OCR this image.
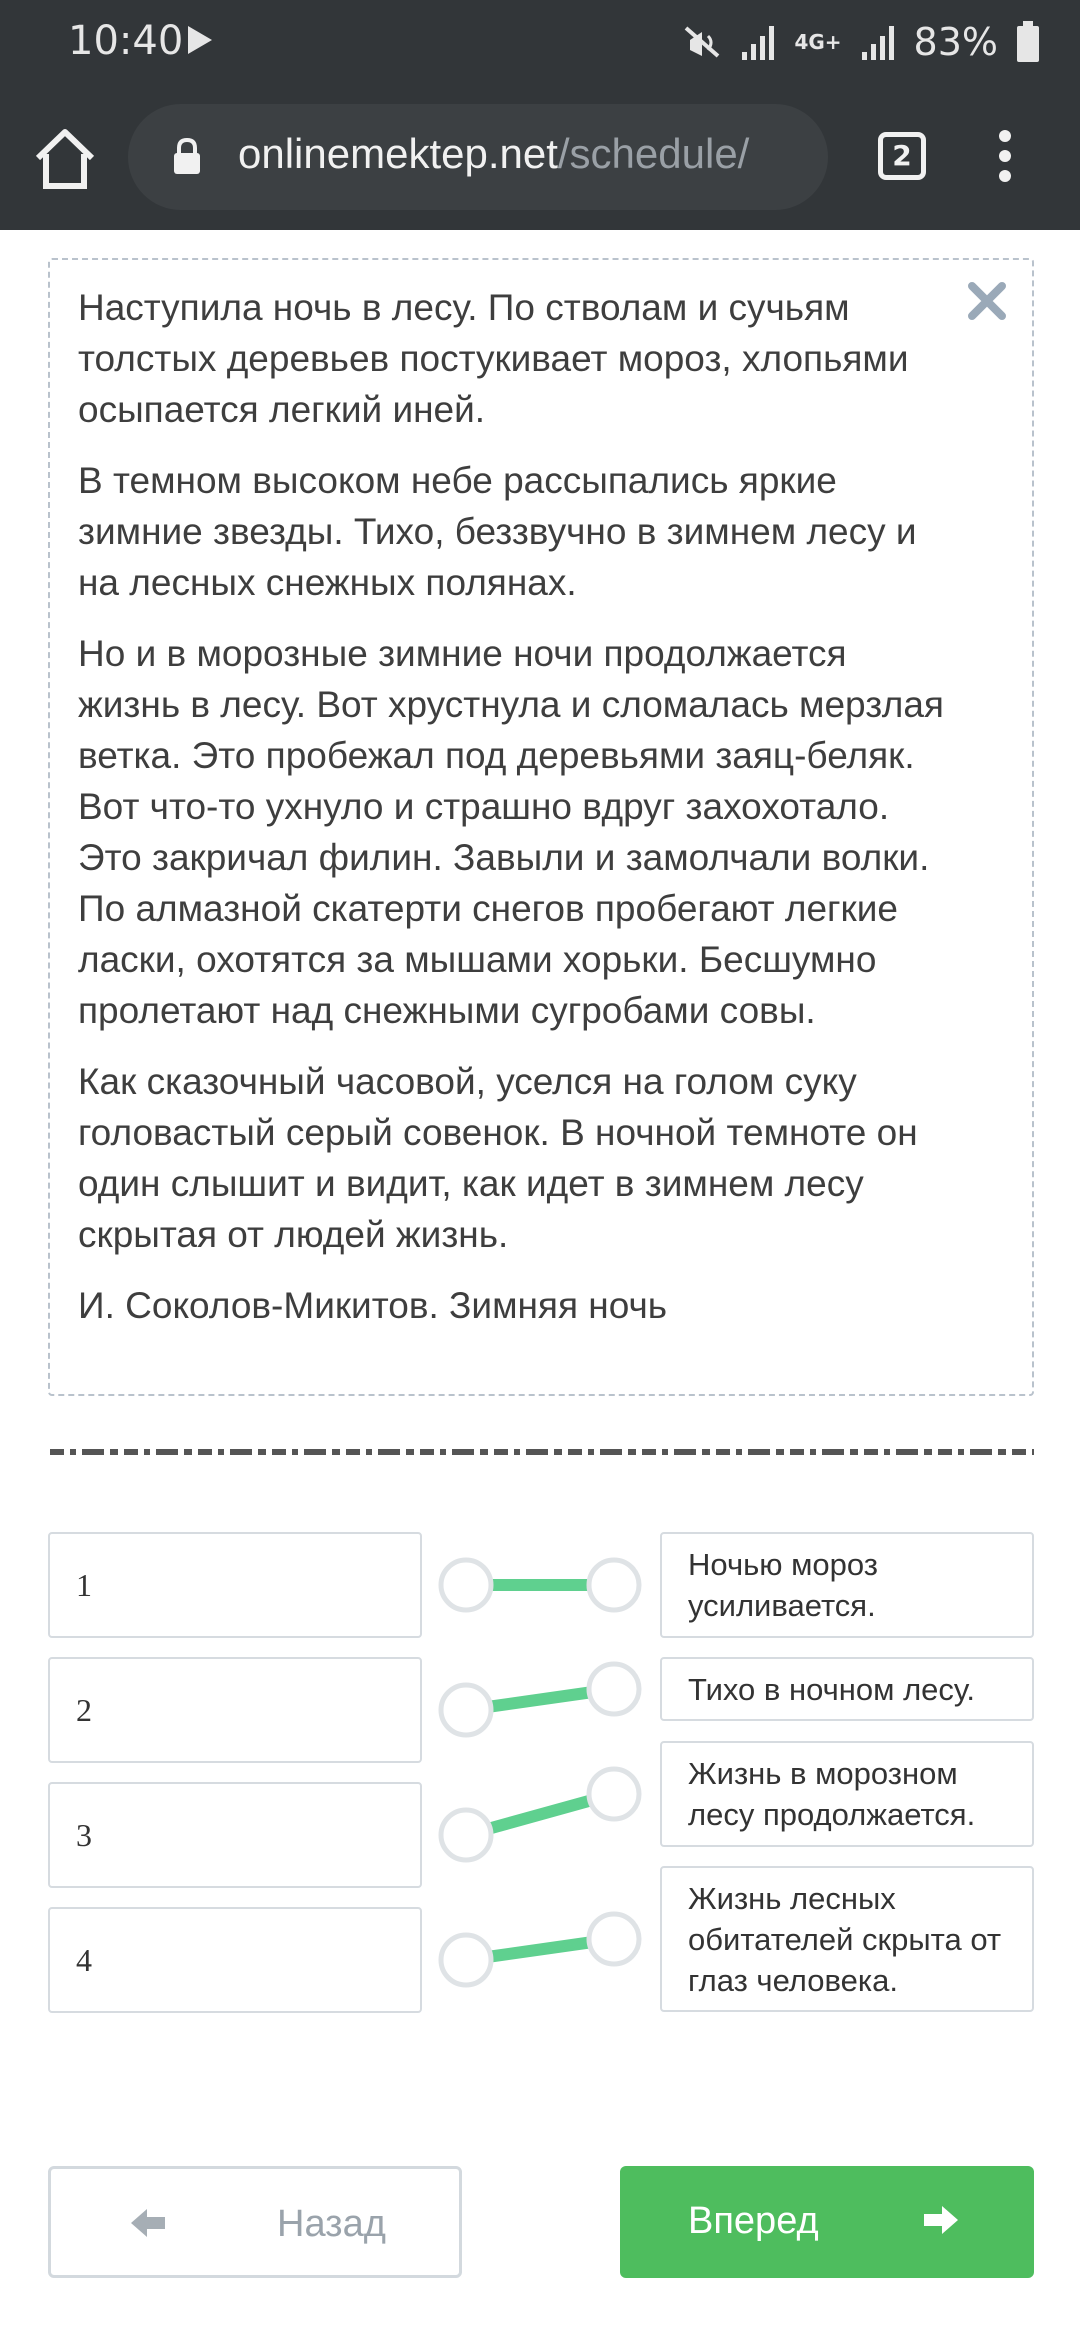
10:40	4G+ 83%
onlinemektep.net/schedule/	2

Наступила ночь в лесу. По стволам и сучьям толстых деревьев постукивает мороз, хлопьями осыпается легкий иней.

В темном высоком небе рассыпались яркие зимние звезды. Тихо, беззвучно в зимнем лесу и на лесных снежных полянах.

Но и в морозные зимние ночи продолжается жизнь в лесу. Вот хрустнула и сломалась мерзлая ветка. Это пробежал под деревьями заяц-беляк. Вот что-то ухнуло и страшно вдруг захохотало. Это закричал филин. Завыли и замолчали волки. По алмазной скатерти снегов пробегают легкие ласки, охотятся за мышами хорьки. Бесшумно пролетают над снежными сугробами совы.

Как сказочный часовой, уселся на голом суку головастый серый совенок. В ночной темноте он один слышит и видит, как идет в зимнем лесу скрытая от людей жизнь.

И. Соколов-Микитов. Зимняя ночь

1
2
3
4
Ночью мороз усиливается.
Тихо в ночном лесу.
Жизнь в морозном лесу продолжается.
Жизнь лесных обитателей скрыта от глаз человека.
Назад	Вперед
